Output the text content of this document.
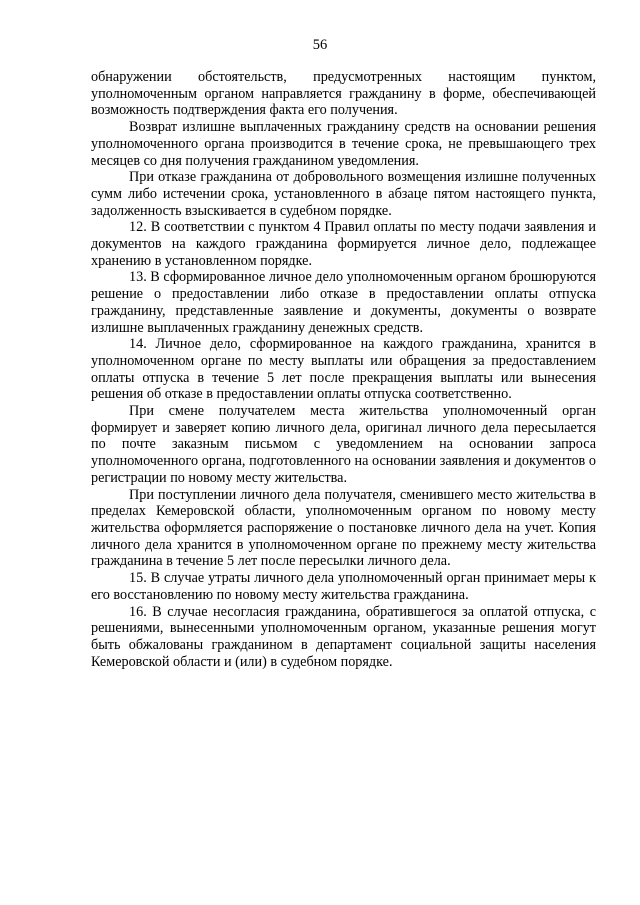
56

обнаружении обстоятельств, предусмотренных настоящим пунктом, уполномоченным органом направляется гражданину в форме, обеспечивающей возможность подтверждения факта его получения.

Возврат излишне выплаченных гражданину средств на основании решения уполномоченного органа производится в течение срока, не превышающего трех месяцев со дня получения гражданином уведомления.

При отказе гражданина от добровольного возмещения излишне полученных сумм либо истечении срока, установленного в абзаце пятом настоящего пункта, задолженность взыскивается в судебном порядке.

12. В соответствии с пунктом 4 Правил оплаты по месту подачи заявления и документов на каждого гражданина формируется личное дело, подлежащее хранению в установленном порядке.

13. В сформированное личное дело уполномоченным органом брошюруются решение о предоставлении либо отказе в предоставлении оплаты отпуска гражданину, представленные заявление и документы, документы о возврате излишне выплаченных гражданину денежных средств.

14. Личное дело, сформированное на каждого гражданина, хранится в уполномоченном органе по месту выплаты или обращения за предоставлением оплаты отпуска в течение 5 лет после прекращения выплаты или вынесения решения об отказе в предоставлении оплаты отпуска соответственно.

При смене получателем места жительства уполномоченный орган формирует и заверяет копию личного дела, оригинал личного дела пересылается по почте заказным письмом с уведомлением на основании запроса уполномоченного органа, подготовленного на основании заявления и документов о регистрации по новому месту жительства.

При поступлении личного дела получателя, сменившего место жительства в пределах Кемеровской области, уполномоченным органом по новому месту жительства оформляется распоряжение о постановке личного дела на учет. Копия личного дела хранится в уполномоченном органе по прежнему месту жительства гражданина в течение 5 лет после пересылки личного дела.

15. В случае утраты личного дела уполномоченный орган принимает меры к его восстановлению по новому месту жительства гражданина.

16. В случае несогласия гражданина, обратившегося за оплатой отпуска, с решениями, вынесенными уполномоченным органом, указанные решения могут быть обжалованы гражданином в департамент социальной защиты населения Кемеровской области и (или) в судебном порядке.
